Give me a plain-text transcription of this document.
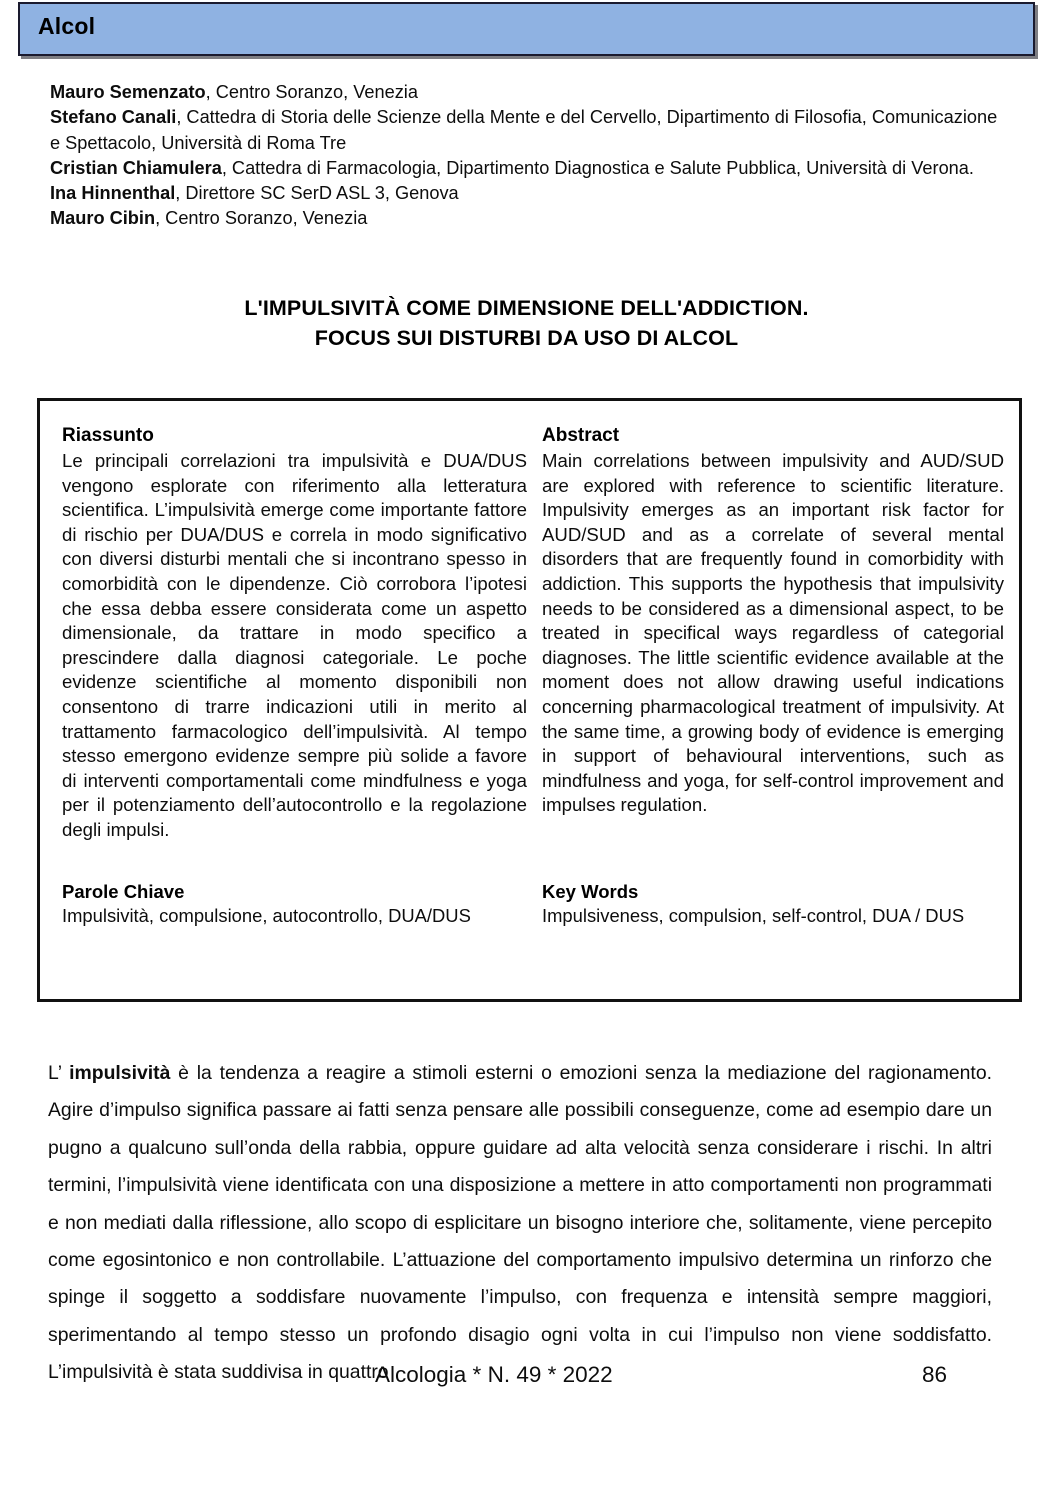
Alcol
Mauro Semenzato, Centro Soranzo, Venezia
Stefano Canali, Cattedra di Storia delle Scienze della Mente e del Cervello, Dipartimento di Filosofia, Comunicazione e Spettacolo, Università di Roma Tre
Cristian Chiamulera, Cattedra di Farmacologia, Dipartimento Diagnostica e Salute Pubblica, Università di Verona.
Ina Hinnenthal, Direttore SC SerD ASL 3, Genova
Mauro Cibin, Centro Soranzo, Venezia
L'IMPULSIVITÀ COME DIMENSIONE DELL'ADDICTION.
FOCUS SUI DISTURBI DA USO DI ALCOL
Riassunto
Le principali correlazioni tra impulsività e DUA/DUS vengono esplorate con riferimento alla letteratura scientifica. L’impulsività emerge come importante fattore di rischio per DUA/DUS e correla in modo significativo con diversi disturbi mentali che si incontrano spesso in comorbidità con le dipendenze. Ciò corrobora l’ipotesi che essa debba essere considerata come un aspetto dimensionale, da trattare in modo specifico a prescindere dalla diagnosi categoriale. Le poche evidenze scientifiche al momento disponibili non consentono di trarre indicazioni utili in merito al trattamento farmacologico dell’impulsività. Al tempo stesso emergono evidenze sempre più solide a favore di interventi comportamentali come mindfulness e yoga per il potenziamento dell’autocontrollo e la regolazione degli impulsi.
Abstract
Main correlations between impulsivity and AUD/SUD are explored with reference to scientific literature. Impulsivity emerges as an important risk factor for AUD/SUD and as a correlate of several mental disorders that are frequently found in comorbidity with addiction. This supports the hypothesis that impulsivity needs to be considered as a dimensional aspect, to be treated in specifical ways regardless of categorial diagnoses. The little scientific evidence available at the moment does not allow drawing useful indications concerning pharmacological treatment of impulsivity. At the same time, a growing body of evidence is emerging in support of behavioural interventions, such as mindfulness and yoga, for self-control improvement and impulses regulation.
Parole Chiave
Impulsività, compulsione, autocontrollo, DUA/DUS
Key Words
Impulsiveness, compulsion, self-control, DUA / DUS
L’ impulsività è la tendenza a reagire a stimoli esterni o emozioni senza la mediazione del ragionamento. Agire d’impulso significa passare ai fatti senza pensare alle possibili conseguenze, come ad esempio dare un pugno a qualcuno sull’onda della rabbia, oppure guidare ad alta velocità senza considerare i rischi. In altri termini, l’impulsività viene identificata con una disposizione a mettere in atto comportamenti non programmati e non mediati dalla riflessione, allo scopo di esplicitare un bisogno interiore che, solitamente, viene percepito come egosintonico e non controllabile. L’attuazione del comportamento impulsivo determina un rinforzo che spinge il soggetto a soddisfare nuovamente l’impulso, con frequenza e intensità sempre maggiori, sperimentando al tempo stesso un profondo disagio ogni volta in cui l’impulso non viene soddisfatto. L’impulsività è stata suddivisa in quattro
Alcologia * N. 49 * 2022	86
